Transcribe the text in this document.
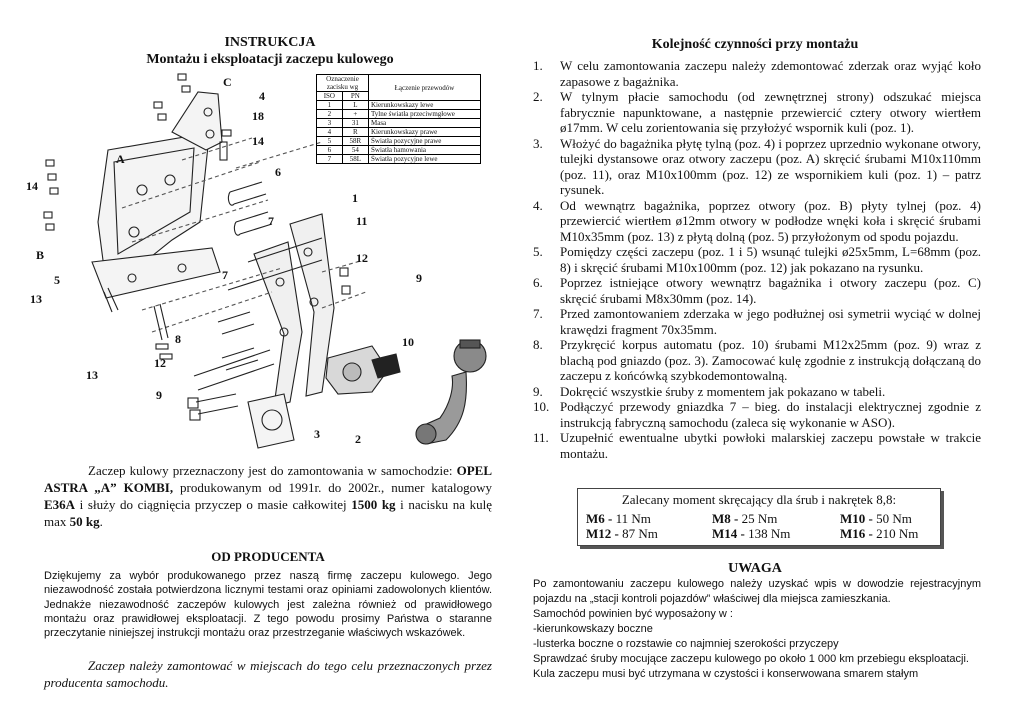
INSTRUKCJA
Montażu i eksploatacji zaczepu kulowego
C
4
18
14
6
A
14
1
11
7
B	12
5	7	9
13
8	10
12
13
9
3	2
Oznaczenie zacisku wg		Łączenie przewodów
ISO	PN	
1	L	Kierunkowskazy lewe
2	+	Tylne światła przeciwmgłowe
3	31	Masa
4	R	Kierunkowskazy prawe
5	58R	Światła pozycyjne prawe
6	54	Światła hamowania
7	58L	Światła pozycyjne lewe

Zaczep kulowy przeznaczony jest do zamontowania w samochodzie: OPEL ASTRA „A” KOMBI, produkowanym od 1991r. do 2002r., numer katalogowy E36A i służy do ciągnięcia przyczep o masie całkowitej 1500 kg i nacisku na kulę max 50 kg.

OD PRODUCENTA

Dziękujemy za wybór produkowanego przez naszą firmę zaczepu kulowego. Jego niezawodność została potwierdzona licznymi testami oraz opiniami zadowolonych klientów. Jednakże niezawodność zaczepów kulowych jest zależna również od prawidłowego montażu oraz prawidłowej eksploatacji. Z tego powodu prosimy Państwa o staranne przeczytanie niniejszej instrukcji montażu oraz przestrzeganie właściwych wskazówek.

Zaczep należy zamontować w miejscach do tego celu przeznaczonych przez producenta samochodu.

Kolejność czynności przy montażu
1.	W celu zamontowania zaczepu należy zdemontować zderzak oraz wyjąć koło zapasowe z bagażnika.
2.	W tylnym płacie samochodu (od zewnętrznej strony) odszukać miejsca fabrycznie napunktowane, a następnie przewiercić cztery otwory wiertłem ø17mm. W celu zorientowania się przyłożyć wspornik kuli (poz. 1).
3.	Włożyć do bagażnika płytę tylną (poz. 4) i poprzez uprzednio wykonane otwory, tulejki dystansowe oraz otwory zaczepu (poz. A) skręcić śrubami M10x110mm (poz. 11), oraz M10x100mm (poz. 12) ze wspornikiem kuli (poz. 1) – patrz rysunek.
4.	Od wewnątrz bagażnika, poprzez otwory (poz. B) płyty tylnej (poz. 4) przewiercić wiertłem ø12mm otwory w podłodze wnęki koła i skręcić śrubami M10x35mm (poz. 13) z płytą dolną (poz. 5) przyłożonym od spodu pojazdu.
5.	Pomiędzy części zaczepu (poz. 1 i 5) wsunąć tulejki ø25x5mm, L=68mm (poz. 8) i skręcić śrubami M10x100mm (poz. 12) jak pokazano na rysunku.
6.	Poprzez istniejące otwory wewnątrz bagażnika i otwory zaczepu (poz. C) skręcić śrubami M8x30mm (poz. 14).
7.	Przed zamontowaniem zderzaka w jego podłużnej osi symetrii wyciąć w dolnej krawędzi fragment 70x35mm.
8.	Przykręcić korpus automatu (poz. 10) śrubami M12x25mm (poz. 9) wraz z blachą pod gniazdo (poz. 3). Zamocować kulę zgodnie z instrukcją dołączaną do zaczepu z końcówką szybkodemontowalną.
9.	Dokręcić wszystkie śruby z momentem jak pokazano w tabeli.
10. Podłączyć przewody gniazdka 7 – bieg. do instalacji elektrycznej zgodnie z instrukcją fabryczną samochodu (zaleca się wykonanie w ASO).
11. Uzupełnić ewentualne ubytki powłoki malarskiej zaczepu powstałe w trakcie montażu.
Zalecany moment skręcający dla śrub i nakrętek 8,8:
M6 - 11 Nm	M8 - 25 Nm	M10 - 50 Nm
M12 - 87 Nm	M14 - 138 Nm	M16 - 210 Nm
UWAGA

Po zamontowaniu zaczepu kulowego należy uzyskać wpis w dowodzie rejestracyjnym pojazdu na „stacji kontroli pojazdów” właściwej dla miejsca zamieszkania.

Samochód powinien być wyposażony w :

-kierunkowskazy boczne

-lusterka boczne o rozstawie co najmniej szerokości przyczepy

Sprawdzać śruby mocujące zaczepu kulowego po około 1 000 km przebiegu eksploatacji.

Kula zaczepu musi być utrzymana w czystości i konserwowana smarem stałym
